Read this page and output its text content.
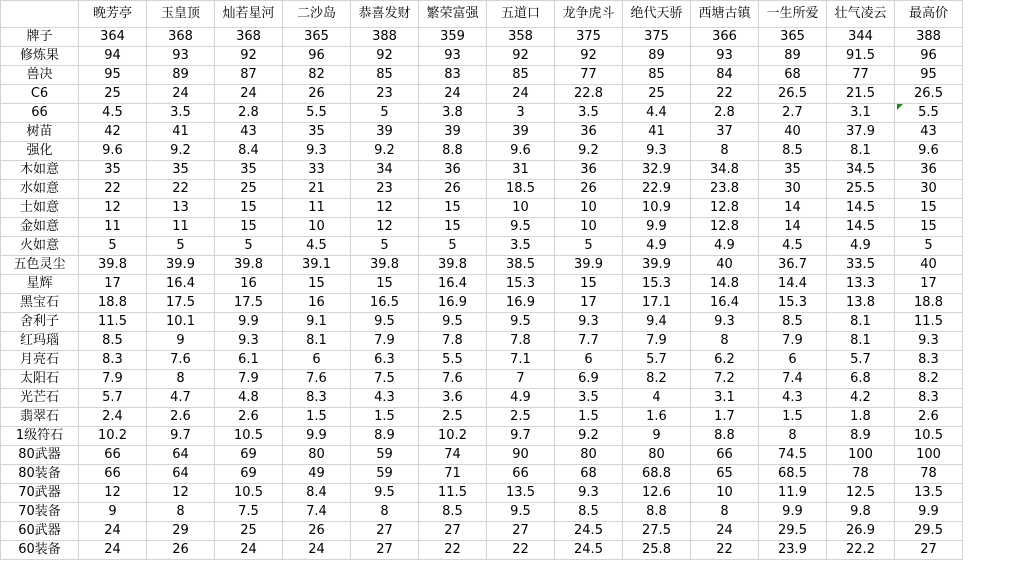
	晚芳亭	玉皇顶	灿若星河	二沙岛	恭喜发财	繁荣富强	五道口	龙争虎斗	绝代天骄	西塘古镇	一生所爱	壮气凌云	最高价
牌子	364	368	368	365	388	359	358	375	375	366	365	344	388
修炼果	94	93	92	96	92	93	92	92	89	93	89	91.5	96
兽决	95	89	87	82	85	83	85	77	85	84	68	77	95
C6	25	24	24	26	23	24	24	22.8	25	22	26.5	21.5	26.5
66	4.5	3.5	2.8	5.5	5	3.8	3	3.5	4.4	2.8	2.7	3.1	5.5

树苗	42	41	43	35	39	39	39	36	41	37	40	37.9	43
强化	9.6	9.2	8.4	9.3	9.2	8.8	9.6	9.2	9.3	8	8.5	8.1	9.6
木如意	35	35	35	33	34	36	31	36	32.9	34.8	35	34.5	36
水如意	22	22	25	21	23	26	18.5	26	22.9	23.8	30	25.5	30
土如意	12	13	15	11	12	15	10	10	10.9	12.8	14	14.5	15
金如意	11	11	15	10	12	15	9.5	10	9.9	12.8	14	14.5	15
火如意	5	5	5	4.5	5	5	3.5	5	4.9	4.9	4.5	4.9	5
五色灵尘	39.8	39.9	39.8	39.1	39.8	39.8	38.5	39.9	39.9	40	36.7	33.5	40
星辉	17	16.4	16	15	15	16.4	15.3	15	15.3	14.8	14.4	13.3	17
黑宝石	18.8	17.5	17.5	16	16.5	16.9	16.9	17	17.1	16.4	15.3	13.8	18.8
舍利子	11.5	10.1	9.9	9.1	9.5	9.5	9.5	9.3	9.4	9.3	8.5	8.1	11.5
红玛瑙	8.5	9	9.3	8.1	7.9	7.8	7.8	7.7	7.9	8	7.9	8.1	9.3
月亮石	8.3	7.6	6.1	6	6.3	5.5	7.1	6	5.7	6.2	6	5.7	8.3
太阳石	7.9	8	7.9	7.6	7.5	7.6	7	6.9	8.2	7.2	7.4	6.8	8.2
光芒石	5.7	4.7	4.8	8.3	4.3	3.6	4.9	3.5	4	3.1	4.3	4.2	8.3
翡翠石	2.4	2.6	2.6	1.5	1.5	2.5	2.5	1.5	1.6	1.7	1.5	1.8	2.6
1级符石	10.2	9.7	10.5	9.9	8.9	10.2	9.7	9.2	9	8.8	8	8.9	10.5
80武器	66	64	69	80	59	74	90	80	80	66	74.5	100	100
80装备	66	64	69	49	59	71	66	68	68.8	65	68.5	78	78
70武器	12	12	10.5	8.4	9.5	11.5	13.5	9.3	12.6	10	11.9	12.5	13.5
70装备	9	8	7.5	7.4	8	8.5	9.5	8.5	8.8	8	9.9	9.8	9.9
60武器	24	29	25	26	27	27	27	24.5	27.5	24	29.5	26.9	29.5
60装备	24	26	24	24	27	22	22	24.5	25.8	22	23.9	22.2	27
